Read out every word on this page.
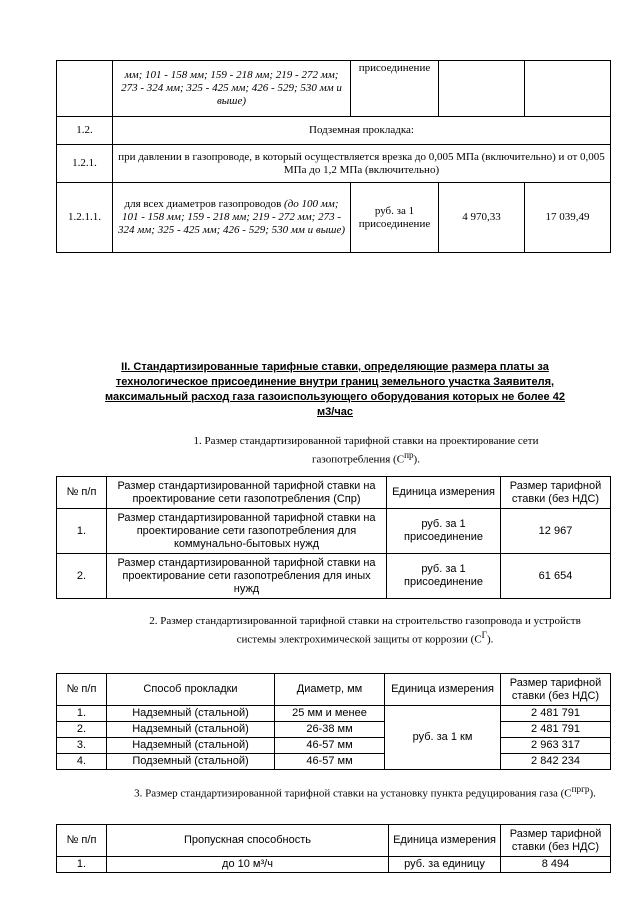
	мм; 101 - 158 мм; 159 - 218 мм; 219 - 272 мм; 273 - 324 мм; 325 - 425 мм; 426 - 529; 530 мм и выше)	присоединение		
1.2.	Подземная прокладка:			
1.2.1.	при давлении в газопроводе, в который осуществляется врезка до 0,005 МПа (включительно) и от 0,005 МПа до 1,2 МПа (включительно)			
1.2.1.1.	для всех диаметров газопроводов (до 100 мм; 101 - 158 мм; 159 - 218 мм; 219 - 272 мм; 273 - 324 мм; 325 - 425 мм; 426 - 529; 530 мм и выше)	руб. за 1 присоединение	4 970,33	17 039,49
II. Стандартизированные тарифные ставки, определяющие размера платы за технологическое присоединение внутри границ земельного участка Заявителя, максимальный расход газа газоиспользующего оборудования которых не более 42 м3/час
1. Размер стандартизированной тарифной ставки на проектирование сети газопотребления $(C^{пр})$.
№ п/п	Размер стандартизированной тарифной ставки на проектирование сети газопотребления (Спр)	Единица измерения	Размер тарифной ставки (без НДС)
1.	Размер стандартизированной тарифной ставки на проектирование сети газопотребления для коммунально-бытовых нужд	руб. за 1 присоединение	12 967
2.	Размер стандартизированной тарифной ставки на проектирование сети газопотребления для иных нужд	руб. за 1 присоединение	61 654
2. Размер стандартизированной тарифной ставки на строительство газопровода и устройств системы электрохимической защиты от коррозии $(C^Г)$.
№ п/п	Способ прокладки	Диаметр, мм	Единица измерения	Размер тарифной ставки (без НДС)
1.	Надземный (стальной)	25 мм и менее	руб. за 1 км	2 481 791
2.	Надземный (стальной)	26-38 мм		2 481 791
3.	Надземный (стальной)	46-57 мм		2 963 317
4.	Подземный (стальной)	46-57 мм		2 842 234
3. Размер стандартизированной тарифной ставки на установку пункта редуцирования газа $(C^{пргр})$.
№ п/п	Пропускная способность	Единица измерения	Размер тарифной ставки (без НДС)
1.	до 10 м³/ч	руб. за единицу	8 494
